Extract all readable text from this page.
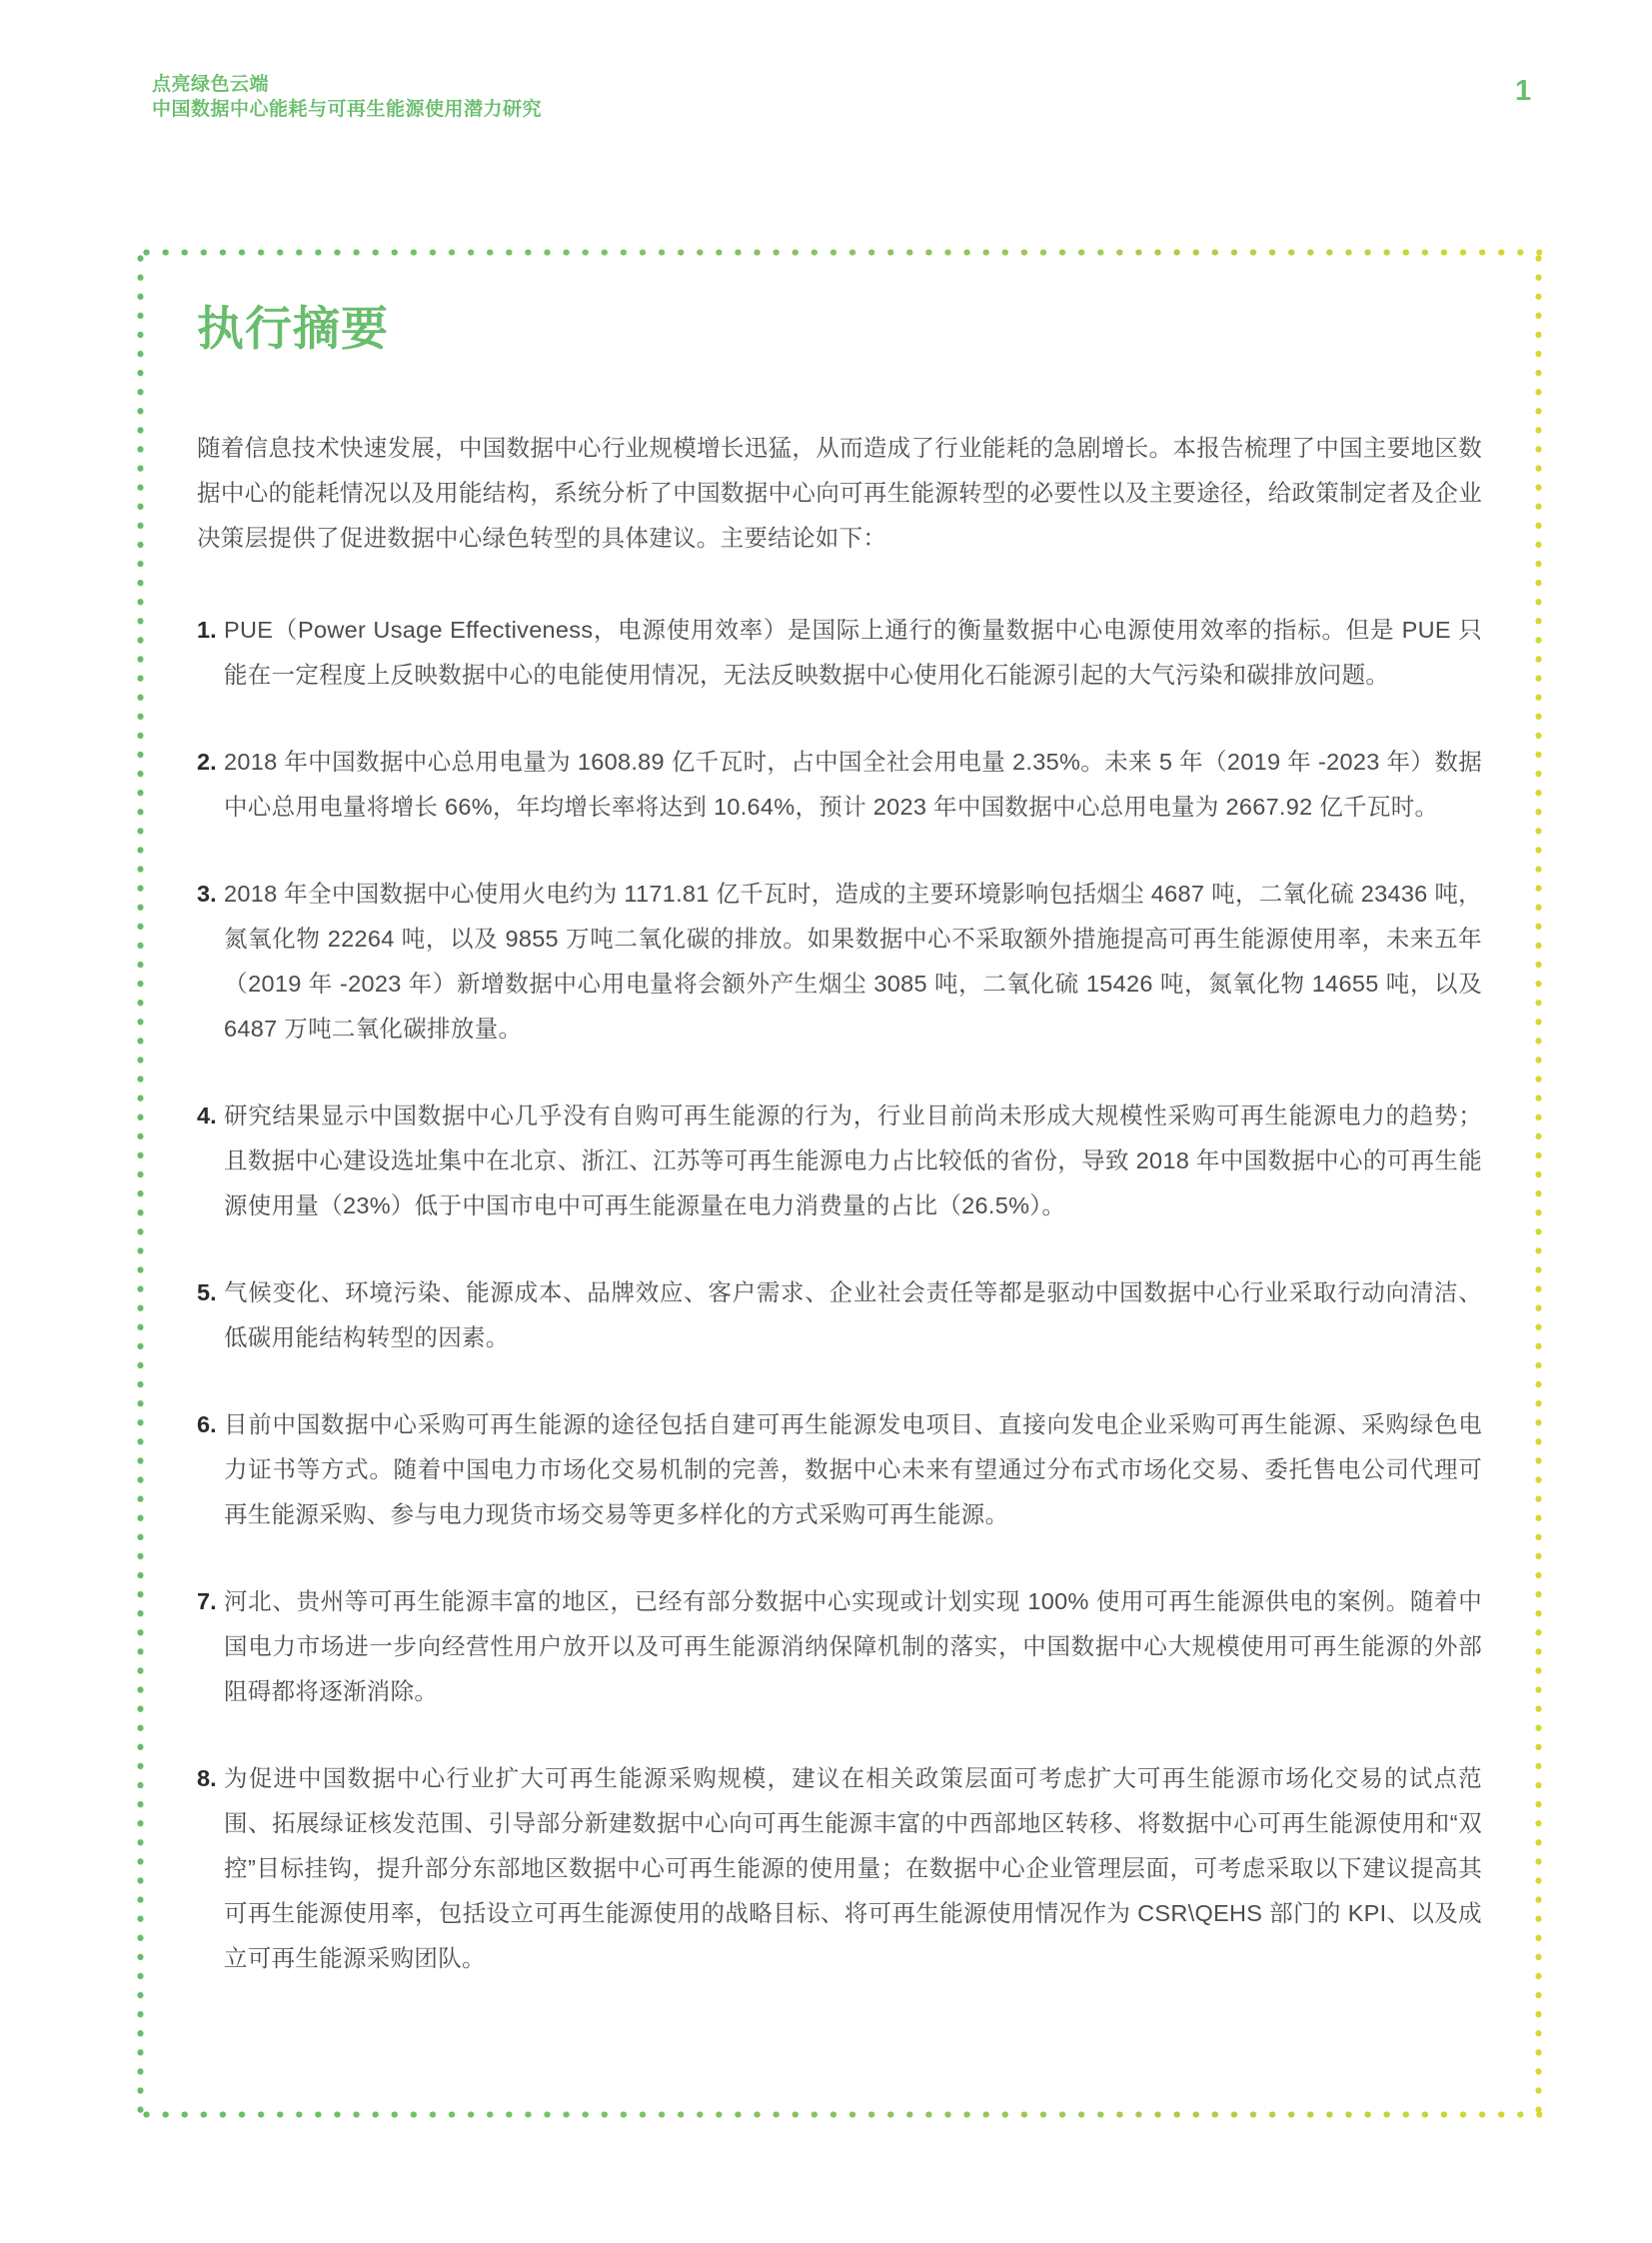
点亮绿色云端
中国数据中心能耗与可再生能源使用潜力研究
1
执行摘要
随着信息技术快速发展，中国数据中心行业规模增长迅猛，从而造成了行业能耗的急剧增长。本报告梳理了中国主要地区数据中心的能耗情况以及用能结构，系统分析了中国数据中心向可再生能源转型的必要性以及主要途径，给政策制定者及企业决策层提供了促进数据中心绿色转型的具体建议。主要结论如下：
1. PUE（Power Usage Effectiveness，电源使用效率）是国际上通行的衡量数据中心电源使用效率的指标。但是 PUE 只能在一定程度上反映数据中心的电能使用情况，无法反映数据中心使用化石能源引起的大气污染和碳排放问题。
2. 2018 年中国数据中心总用电量为 1608.89 亿千瓦时，占中国全社会用电量 2.35%。未来 5 年（2019 年 -2023 年）数据中心总用电量将增长 66%，年均增长率将达到 10.64%，预计 2023 年中国数据中心总用电量为 2667.92 亿千瓦时。
3. 2018 年全中国数据中心使用火电约为 1171.81 亿千瓦时，造成的主要环境影响包括烟尘 4687 吨，二氧化硫 23436 吨，氮氧化物 22264 吨，以及 9855 万吨二氧化碳的排放。如果数据中心不采取额外措施提高可再生能源使用率，未来五年（2019 年 -2023 年）新增数据中心用电量将会额外产生烟尘 3085 吨，二氧化硫 15426 吨，氮氧化物 14655 吨，以及 6487 万吨二氧化碳排放量。
4. 研究结果显示中国数据中心几乎没有自购可再生能源的行为，行业目前尚未形成大规模性采购可再生能源电力的趋势；且数据中心建设选址集中在北京、浙江、江苏等可再生能源电力占比较低的省份，导致 2018 年中国数据中心的可再生能源使用量（23%）低于中国市电中可再生能源量在电力消费量的占比（26.5%）。
5. 气候变化、环境污染、能源成本、品牌效应、客户需求、企业社会责任等都是驱动中国数据中心行业采取行动向清洁、低碳用能结构转型的因素。
6. 目前中国数据中心采购可再生能源的途径包括自建可再生能源发电项目、直接向发电企业采购可再生能源、采购绿色电力证书等方式。随着中国电力市场化交易机制的完善，数据中心未来有望通过分布式市场化交易、委托售电公司代理可再生能源采购、参与电力现货市场交易等更多样化的方式采购可再生能源。
7. 河北、贵州等可再生能源丰富的地区，已经有部分数据中心实现或计划实现 100% 使用可再生能源供电的案例。随着中国电力市场进一步向经营性用户放开以及可再生能源消纳保障机制的落实，中国数据中心大规模使用可再生能源的外部阻碍都将逐渐消除。
8. 为促进中国数据中心行业扩大可再生能源采购规模，建议在相关政策层面可考虑扩大可再生能源市场化交易的试点范围、拓展绿证核发范围、引导部分新建数据中心向可再生能源丰富的中西部地区转移、将数据中心可再生能源使用和“双控”目标挂钩，提升部分东部地区数据中心可再生能源的使用量；在数据中心企业管理层面，可考虑采取以下建议提高其可再生能源使用率，包括设立可再生能源使用的战略目标、将可再生能源使用情况作为 CSR\QEHS 部门的 KPI、以及成立可再生能源采购团队。
